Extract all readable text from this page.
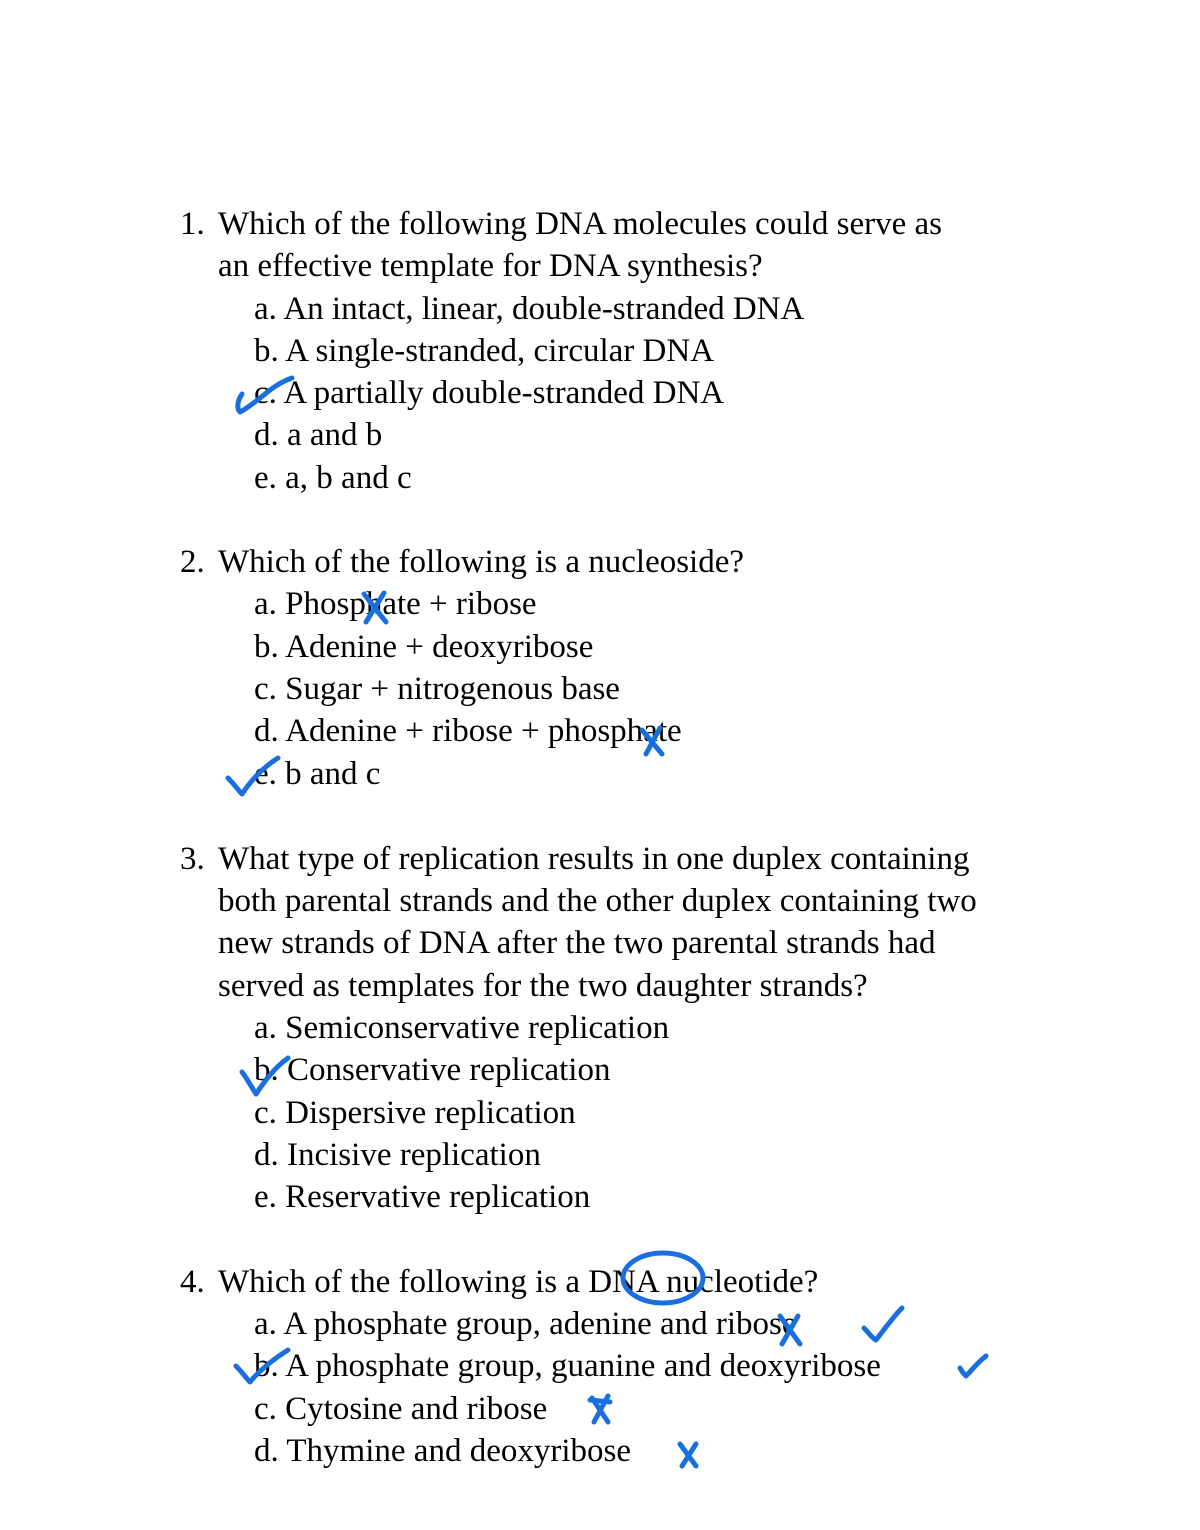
1. Which of the following DNA molecules could serve as
an effective template for DNA synthesis?
a. An intact, linear, double-stranded DNA
b. A single-stranded, circular DNA
c. A partially double-stranded DNA
d. a and b
e. a, b and c
2. Which of the following is a nucleoside?
a. Phosphate + ribose
b. Adenine + deoxyribose
c. Sugar + nitrogenous base
d. Adenine + ribose + phosphate
e. b and c
3. What type of replication results in one duplex containing
both parental strands and the other duplex containing two
new strands of DNA after the two parental strands had
served as templates for the two daughter strands?
a. Semiconservative replication
b. Conservative replication
c. Dispersive replication
d. Incisive replication
e. Reservative replication
4. Which of the following is a DNA nucleotide?
a. A phosphate group, adenine and ribose
b. A phosphate group, guanine and deoxyribose
c. Cytosine and ribose
d. Thymine and deoxyribose
